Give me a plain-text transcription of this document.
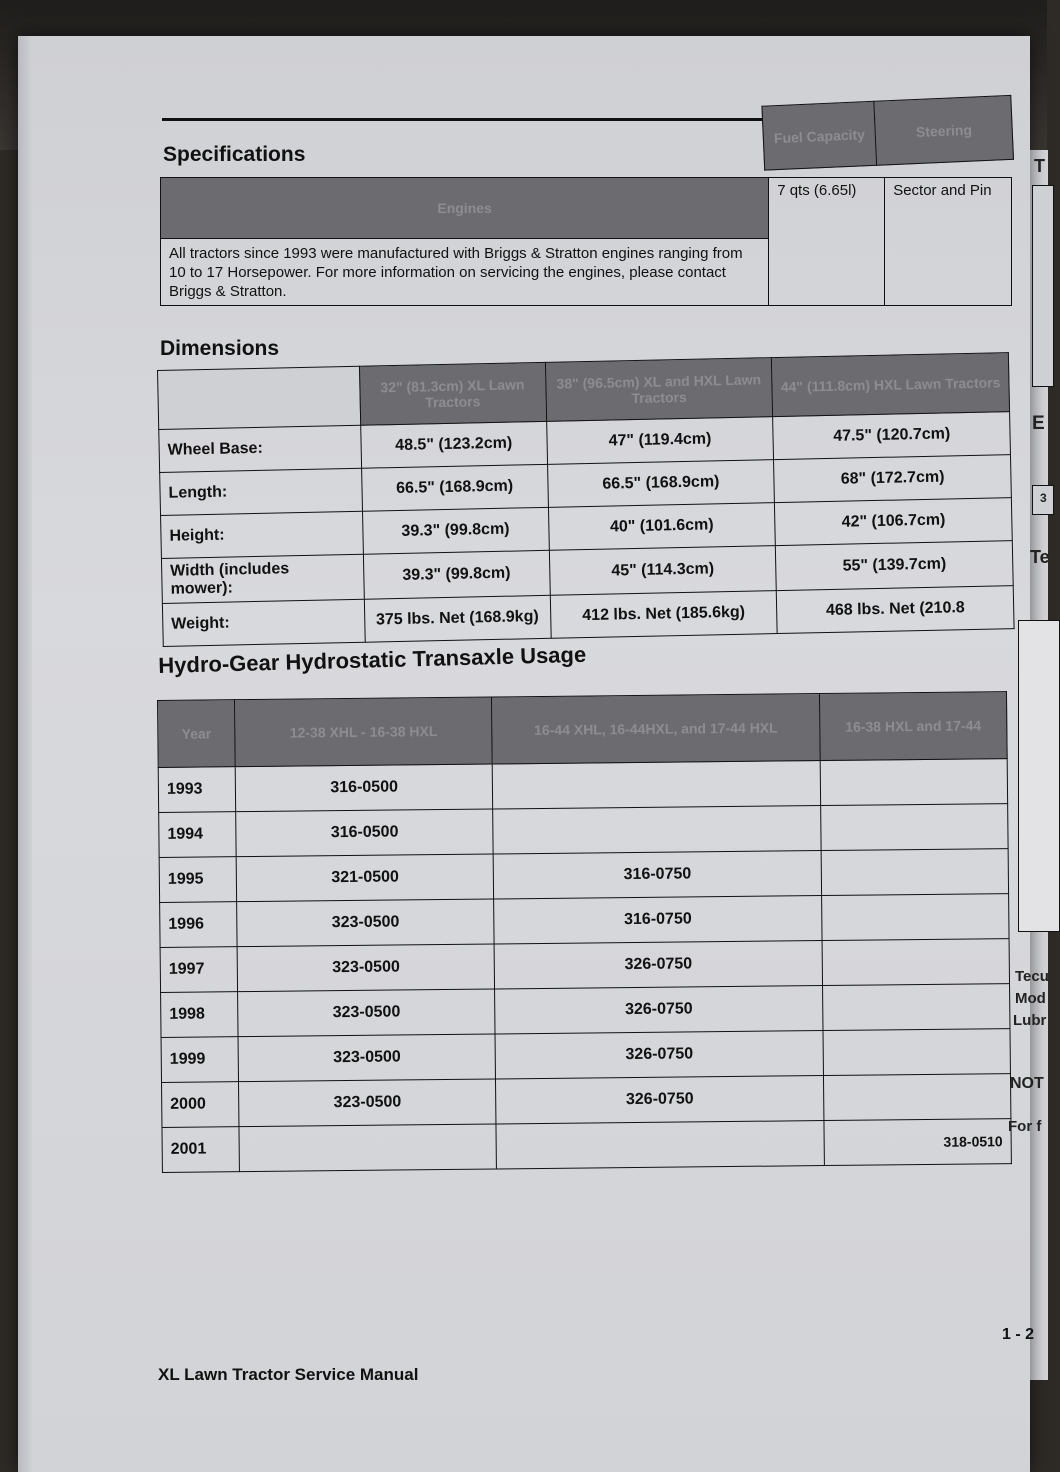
Specifications
	Fuel Capacity	Steering
Engines	7 qts (6.65l)	Sector and Pin
All tractors since 1993 were manufactured with Briggs & Stratton engines ranging from 10 to 17 Horsepower. For more information on servicing the engines, please contact Briggs & Stratton.
Dimensions
	32" (81.3cm) XL Lawn Tractors	38" (96.5cm) XL and HXL Lawn Tractors	44" (111.8cm) HXL Lawn Tractors
Wheel Base:	48.5" (123.2cm)	47" (119.4cm)	47.5" (120.7cm)
Length:	66.5" (168.9cm)	66.5" (168.9cm)	68" (172.7cm)
Height:	39.3" (99.8cm)	40" (101.6cm)	42" (106.7cm)
Width (includes mower):	39.3" (99.8cm)	45" (114.3cm)	55" (139.7cm)
Weight:	375 lbs. Net (168.9kg)	412 lbs. Net (185.6kg)	468 lbs. Net (210.8
Hydro-Gear Hydrostatic Transaxle Usage
Year	12-38 XHL - 16-38 HXL	16-44 XHL, 16-44HXL, and 17-44 HXL	16-38 HXL and 17-44
1993	316-0500		
1994	316-0500		
1995	321-0500	316-0750	
1996	323-0500	316-0750	
1997	323-0500	326-0750	
1998	323-0500	326-0750	
1999	323-0500	326-0750	
2000	323-0500	326-0750	
2001			318-0510
T
E
3
Te
Tecu
Mod
Lubr
NOT
For f
XL Lawn Tractor Service Manual
1 - 2
